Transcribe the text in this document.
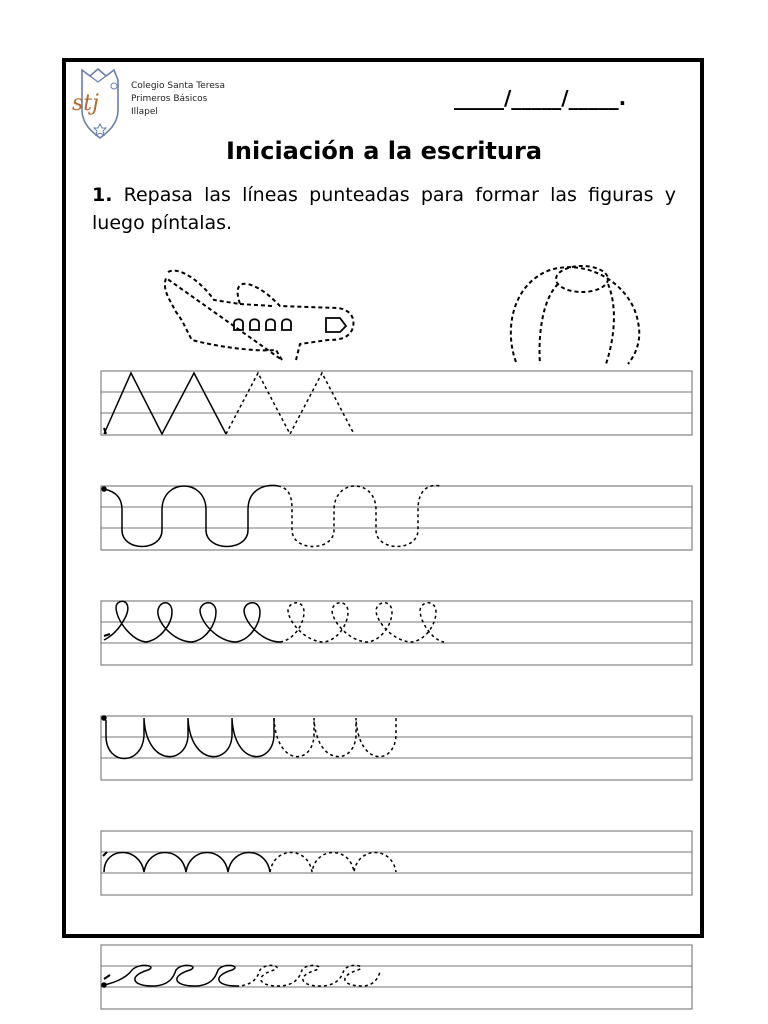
stj
Colegio Santa Teresa
Primeros Básicos
Illapel
_____/_____/_____.
Iniciación a la escritura
1. Repasa las líneas punteadas para formar las figuras y luego píntalas.
